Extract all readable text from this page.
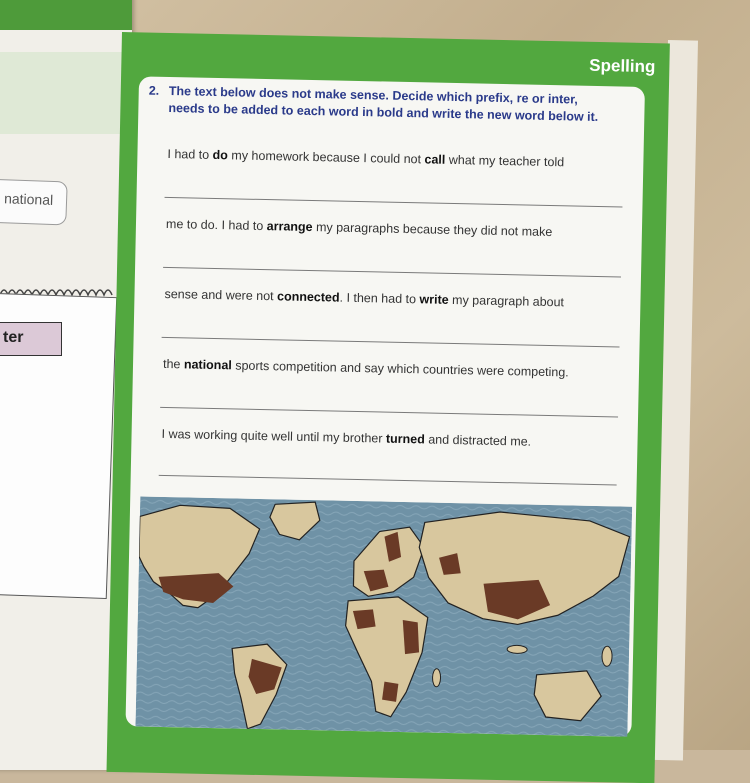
national
ter
Spelling
2. The text below does not make sense. Decide which prefix, re or inter, needs to be added to each word in bold and write the new word below it.
I had to do my homework because I could not call what my teacher told
me to do. I had to arrange my paragraphs because they did not make
sense and were not connected. I then had to write my paragraph about
the national sports competition and say which countries were competing.
I was working quite well until my brother turned and distracted me.
